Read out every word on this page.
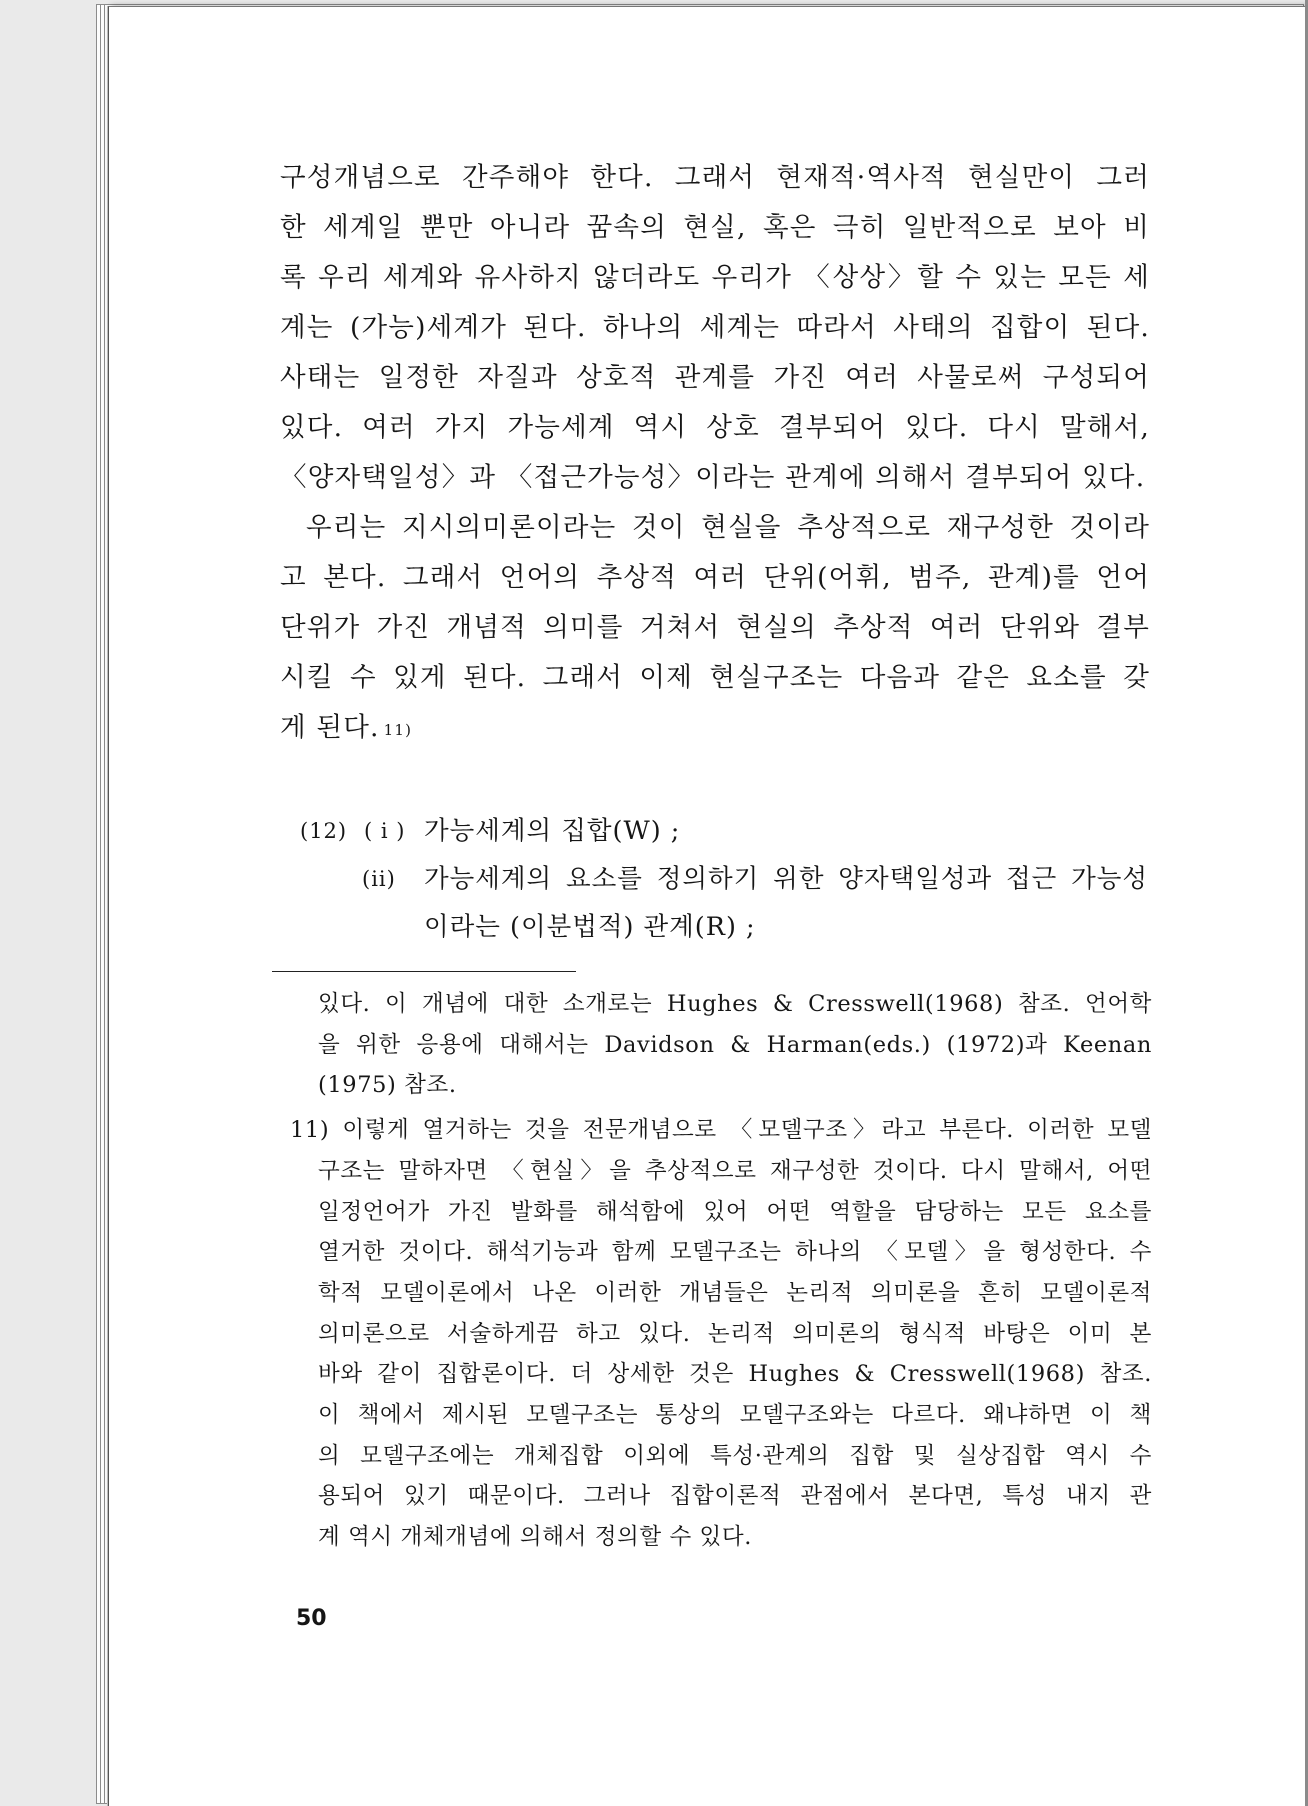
구성개념으로 간주해야 한다. 그래서 현재적·역사적 현실만이 그러
한 세계일 뿐만 아니라 꿈속의 현실, 혹은 극히 일반적으로 보아 비
록 우리 세계와 유사하지 않더라도 우리가 〈상상〉할 수 있는 모든 세
계는 (가능)세계가 된다. 하나의 세계는 따라서 사태의 집합이 된다.
사태는 일정한 자질과 상호적 관계를 가진 여러 사물로써 구성되어
있다. 여러 가지 가능세계 역시 상호 결부되어 있다. 다시 말해서,
〈양자택일성〉과 〈접근가능성〉이라는 관계에 의해서 결부되어 있다.

우리는 지시의미론이라는 것이 현실을 추상적으로 재구성한 것이라
고 본다. 그래서 언어의 추상적 여러 단위(어휘, 범주, 관계)를 언어
단위가 가진 개념적 의미를 거쳐서 현실의 추상적 여러 단위와 결부
시킬 수 있게 된다. 그래서 이제 현실구조는 다음과 같은 요소를 갖
게 된다. $^{11)}$

(12) ( i ) 가능세계의 집합(W) ;
(ii) 가능세계의 요소를 정의하기 위한 양자택일성과 접근 가능성
이라는 (이분법적) 관계(R) ;
있다. 이 개념에 대한 소개로는 Hughes & Cresswell(1968) 참조. 언어학
을 위한 응용에 대해서는 Davidson & Harman(eds.) (1972)과 Keenan
(1975) 참조.
11) 이렇게 열거하는 것을 전문개념으로 〈모델구조〉라고 부른다. 이러한 모델
구조는 말하자면 〈현실〉을 추상적으로 재구성한 것이다. 다시 말해서, 어떤
일정언어가 가진 발화를 해석함에 있어 어떤 역할을 담당하는 모든 요소를
열거한 것이다. 해석기능과 함께 모델구조는 하나의 〈모델〉을 형성한다. 수
학적 모델이론에서 나온 이러한 개념들은 논리적 의미론을 흔히 모델이론적
의미론으로 서술하게끔 하고 있다. 논리적 의미론의 형식적 바탕은 이미 본
바와 같이 집합론이다. 더 상세한 것은 Hughes & Cresswell(1968) 참조.
이 책에서 제시된 모델구조는 통상의 모델구조와는 다르다. 왜냐하면 이 책
의 모델구조에는 개체집합 이외에 특성·관계의 집합 및 실상집합 역시 수
용되어 있기 때문이다. 그러나 집합이론적 관점에서 본다면, 특성 내지 관
계 역시 개체개념에 의해서 정의할 수 있다.
50
